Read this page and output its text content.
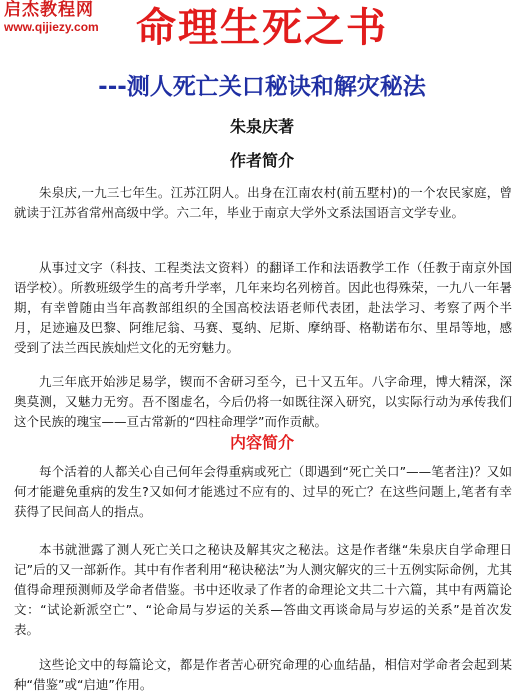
启杰教程网
www.qijiezy.com 命理生死之书
---测人死亡关口秘诀和解灾秘法
朱泉庆著
作者简介

朱泉庆,一九三七年生。江苏江阴人。出身在江南农村(前五墅村)的一个农民家庭，曾就读于江苏省常州高级中学。六二年，毕业于南京大学外文系法国语言文学专业。

从事过文字（科技、工程类法文资料）的翻译工作和法语教学工作（任教于南京外国语学校）。所教班级学生的高考升学率，几年来均名列榜首。因此也得殊荣，一九八一年暑期，有幸曾随由当年高教部组织的全国高校法语老师代表团，赴法学习、考察了两个半月，足迹遍及巴黎、阿维尼翁、马赛、戛纳、尼斯、摩纳哥、格勒诺布尔、里昂等地，感受到了法兰西民族灿烂文化的无穷魅力。

九三年底开始涉足易学，锲而不舍研习至今，已十又五年。八字命理，博大精深，深奥莫测，又魅力无穷。吾不图虚名，今后仍将一如既往深入研究，以实际行动为承传我们这个民族的瑰宝——亘古常新的“四柱命理学”而作贡献。

内容简介

每个活着的人都关心自己何年会得重病或死亡（即遇到“死亡关口”——笔者注)？又如何才能避免重病的发生?又如何才能逃过不应有的、过早的死亡？在这些问题上,笔者有幸获得了民间高人的指点。

本书就泄露了测人死亡关口之秘诀及解其灾之秘法。这是作者继“朱泉庆自学命理日记”后的又一部新作。其中有作者利用“秘诀秘法”为人测灾解灾的三十五例实际命例，尤其值得命理预测师及学命者借鉴。书中还收录了作者的命理论文共二十六篇，其中有两篇论文：“试论新派空亡”、“论命局与岁运的关系—答曲文再谈命局与岁运的关系”是首次发表。

这些论文中的每篇论文，都是作者苦心研究命理的心血结晶，相信对学命者会起到某种“借鉴”或“启迪”作用。
